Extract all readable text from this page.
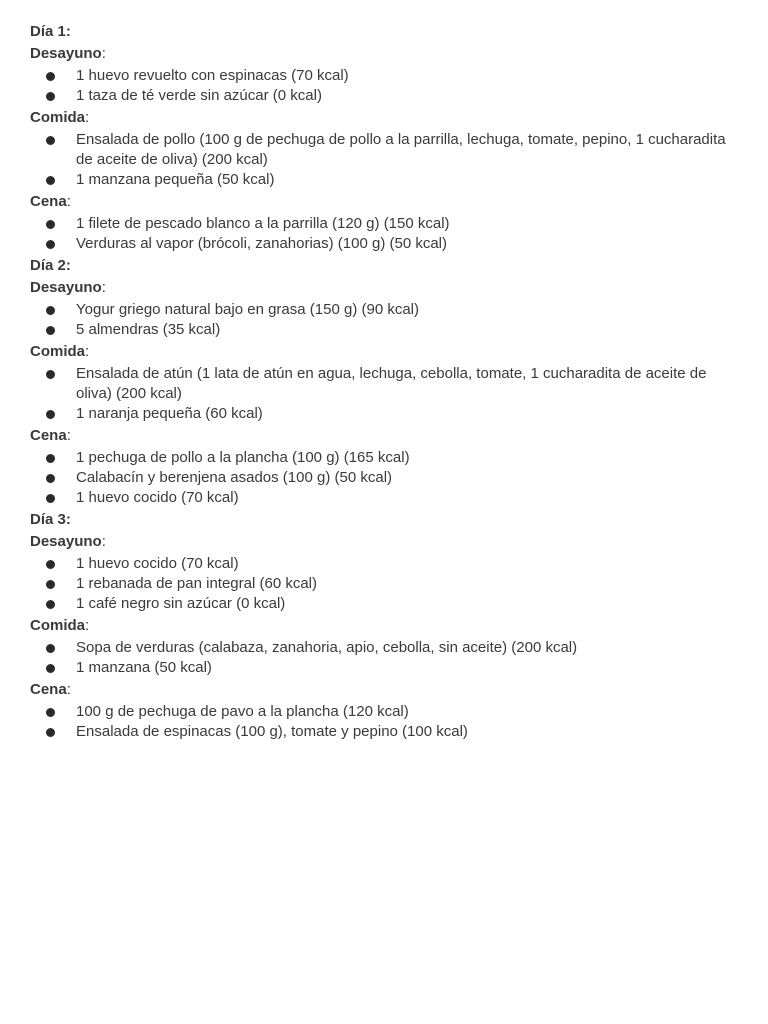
Día 1:

Desayuno:

1 huevo revuelto con espinacas (70 kcal)
1 taza de té verde sin azúcar (0 kcal)

Comida:

Ensalada de pollo (100 g de pechuga de pollo a la parrilla, lechuga, tomate, pepino, 1 cucharadita de aceite de oliva) (200 kcal)
1 manzana pequeña (50 kcal)

Cena:

1 filete de pescado blanco a la parrilla (120 g) (150 kcal)
Verduras al vapor (brócoli, zanahorias) (100 g) (50 kcal)

Día 2:

Desayuno:

Yogur griego natural bajo en grasa (150 g) (90 kcal)
5 almendras (35 kcal)

Comida:

Ensalada de atún (1 lata de atún en agua, lechuga, cebolla, tomate, 1 cucharadita de aceite de oliva) (200 kcal)
1 naranja pequeña (60 kcal)

Cena:

1 pechuga de pollo a la plancha (100 g) (165 kcal)
Calabacín y berenjena asados (100 g) (50 kcal)
1 huevo cocido (70 kcal)

Día 3:

Desayuno:

1 huevo cocido (70 kcal)
1 rebanada de pan integral (60 kcal)
1 café negro sin azúcar (0 kcal)

Comida:

Sopa de verduras (calabaza, zanahoria, apio, cebolla, sin aceite) (200 kcal)
1 manzana (50 kcal)

Cena:

100 g de pechuga de pavo a la plancha (120 kcal)
Ensalada de espinacas (100 g), tomate y pepino (100 kcal)
